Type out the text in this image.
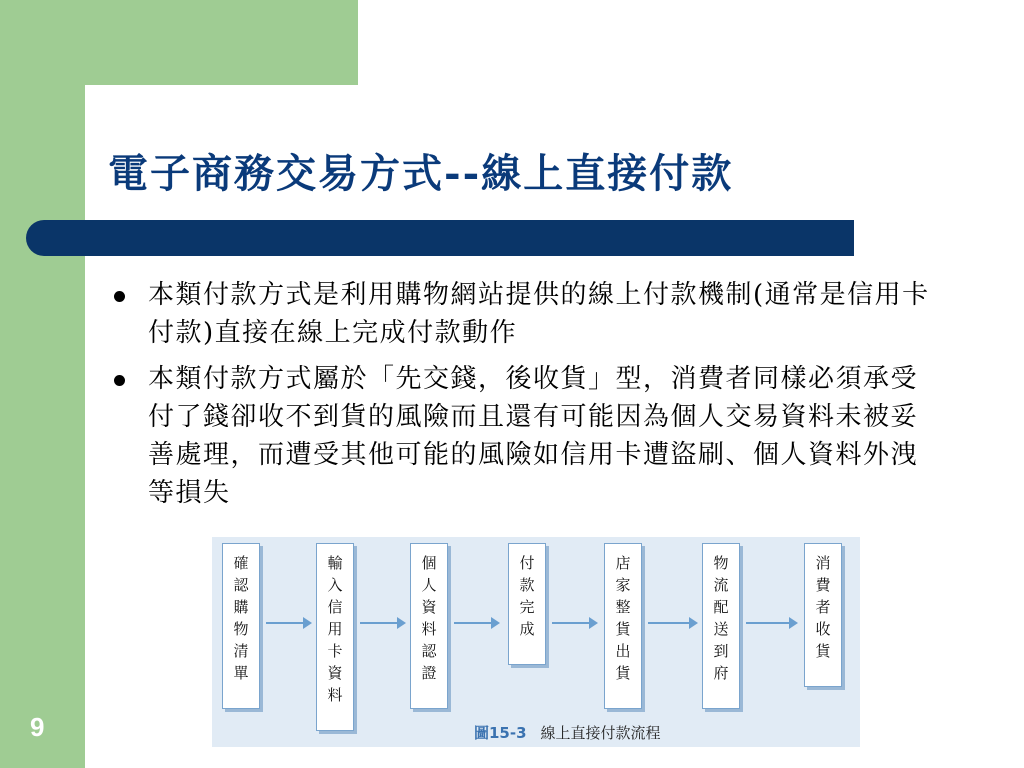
電子商務交易方式--線上直接付款
本類付款方式是利用購物網站提供的線上付款機制(通常是信用卡付款)直接在線上完成付款動作
本類付款方式屬於「先交錢，後收貨」型，消費者同樣必須承受付了錢卻收不到貨的風險而且還有可能因為個人交易資料未被妥善處理，而遭受其他可能的風險如信用卡遭盜刷、個人資料外洩等損失
確
認
購
物
清
單
輸
入
信
用
卡
資
料
個
人
資
料
認
證
付
款
完
成
店
家
整
貨
出
貨
物
流
配
送
到
府
消
費
者
收
貨
圖15-3 線上直接付款流程
9
